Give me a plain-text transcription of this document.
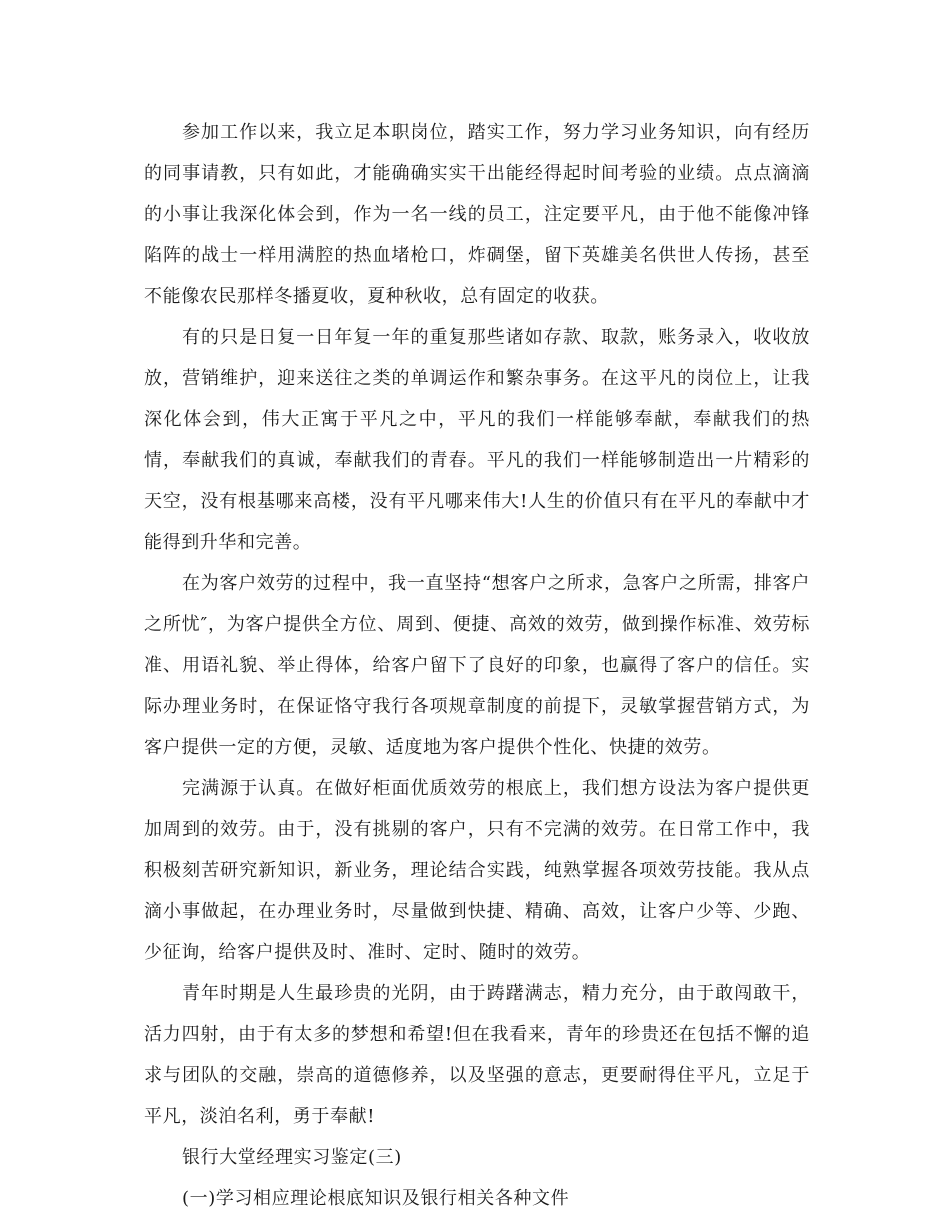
参加工作以来，我立足本职岗位，踏实工作，努力学习业务知识，向有经历的同事请教，只有如此，才能确确实实干出能经得起时间考验的业绩。点点滴滴的小事让我深化体会到，作为一名一线的员工，注定要平凡，由于他不能像冲锋陷阵的战士一样用满腔的热血堵枪口，炸碉堡，留下英雄美名供世人传扬，甚至不能像农民那样冬播夏收，夏种秋收，总有固定的收获。

有的只是日复一日年复一年的重复那些诸如存款、取款，账务录入，收收放放，营销维护，迎来送往之类的单调运作和繁杂事务。在这平凡的岗位上，让我深化体会到，伟大正寓于平凡之中，平凡的我们一样能够奉献，奉献我们的热情，奉献我们的真诚，奉献我们的青春。平凡的我们一样能够制造出一片精彩的天空，没有根基哪来高楼，没有平凡哪来伟大!人生的价值只有在平凡的奉献中才能得到升华和完善。

在为客户效劳的过程中，我一直坚持“想客户之所求，急客户之所需，排客户之所忧″，为客户提供全方位、周到、便捷、高效的效劳，做到操作标准、效劳标准、用语礼貌、举止得体，给客户留下了良好的印象，也赢得了客户的信任。实际办理业务时，在保证恪守我行各项规章制度的前提下，灵敏掌握营销方式，为客户提供一定的方便，灵敏、适度地为客户提供个性化、快捷的效劳。

完满源于认真。在做好柜面优质效劳的根底上，我们想方设法为客户提供更加周到的效劳。由于，没有挑剔的客户，只有不完满的效劳。在日常工作中，我积极刻苦研究新知识，新业务，理论结合实践，纯熟掌握各项效劳技能。我从点滴小事做起，在办理业务时，尽量做到快捷、精确、高效，让客户少等、少跑、少征询，给客户提供及时、准时、定时、随时的效劳。

青年时期是人生最珍贵的光阴，由于踌躇满志，精力充分，由于敢闯敢干，活力四射，由于有太多的梦想和希望!但在我看来，青年的珍贵还在包括不懈的追求与团队的交融，崇高的道德修养，以及坚强的意志，更要耐得住平凡，立足于平凡，淡泊名利，勇于奉献!

银行大堂经理实习鉴定(三)

(一)学习相应理论根底知识及银行相关各种文件
